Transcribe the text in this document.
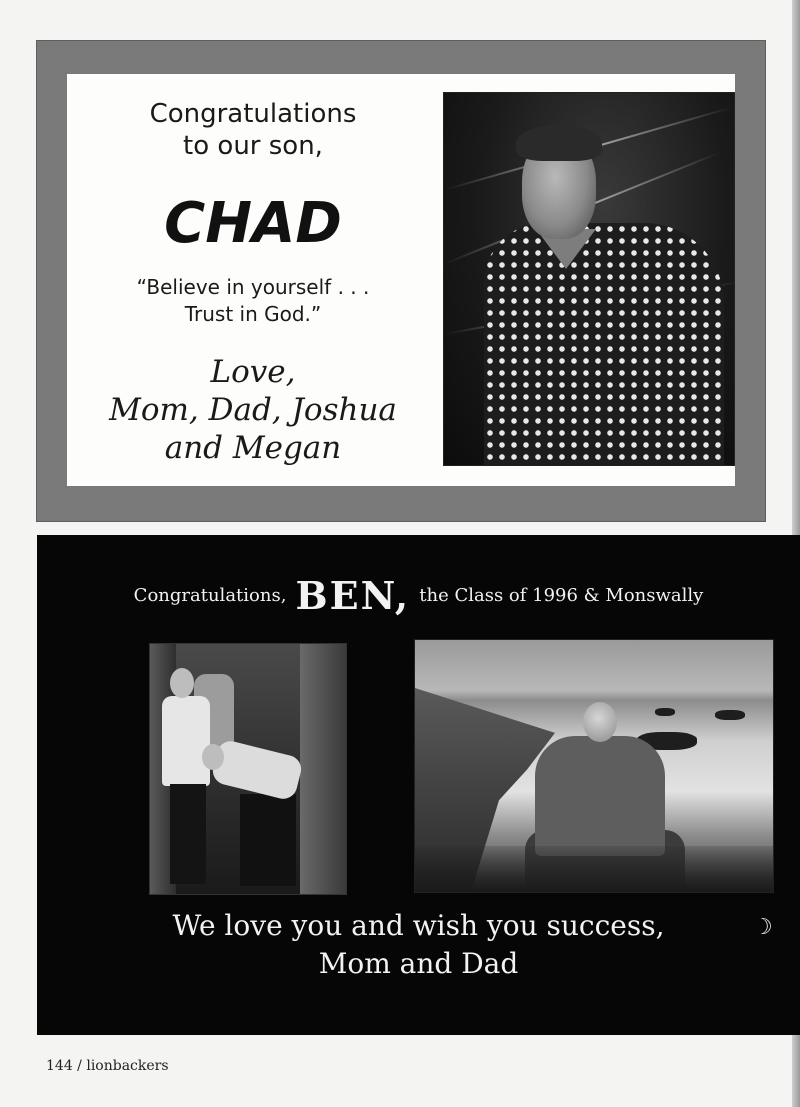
Congratulations
to our son,
CHAD
“Believe in yourself . . .
Trust in God.”
Love,
Mom, Dad, Joshua
and Megan
Congratulations, BEN, the Class of 1996 & Monswally
We love you and wish you success,
Mom and Dad
☽
144 / lionbackers
